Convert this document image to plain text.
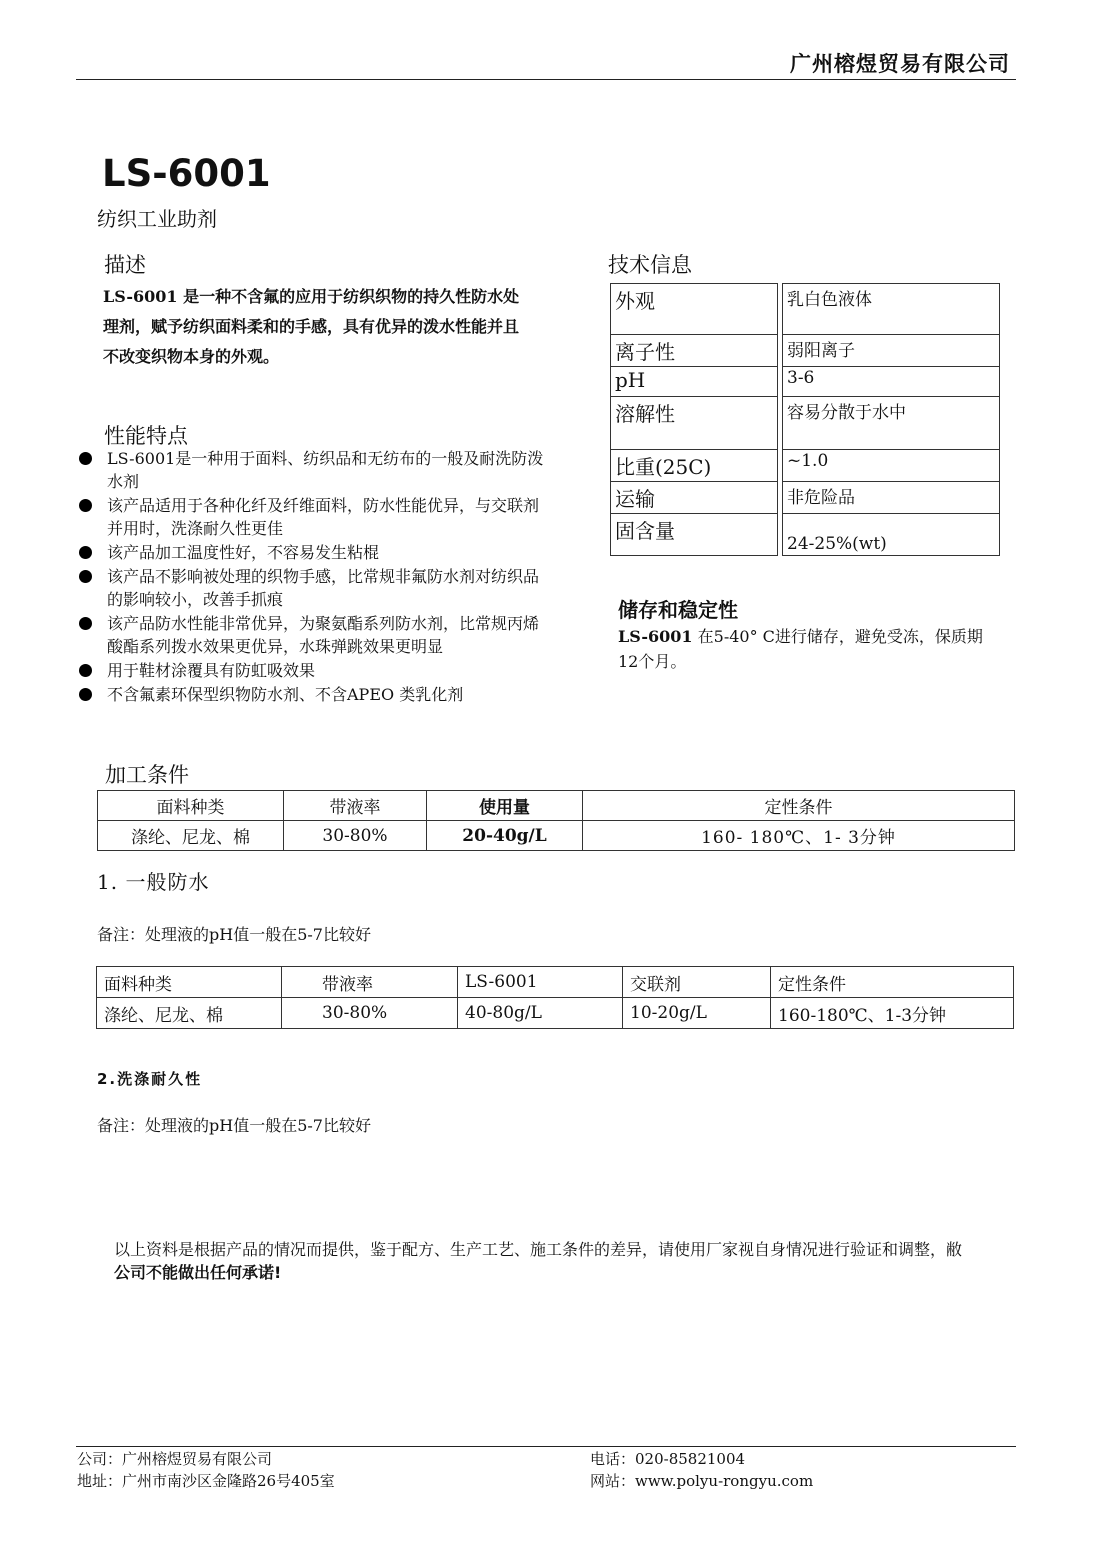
广州榕煜贸易有限公司
LS-6001
纺织工业助剂
描述
LS-6001 是一种不含氟的应用于纺织织物的持久性防水处理剂，赋予纺织面料柔和的手感，具有优异的泼水性能并且不改变织物本身的外观。
技术信息
外观		乳白色液体
离子性		弱阳离子
pH		3-6
溶解性		容易分散于水中
比重(25C)		~1.0
运输		非危险品
固含量		24-25%(wt)
性能特点
LS-6001是一种用于面料、纺织品和无纺布的一般及耐洗防泼水剂
该产品适用于各种化纤及纤维面料，防水性能优异，与交联剂并用时，洗涤耐久性更佳
该产品加工温度性好，不容易发生粘棍
该产品不影响被处理的织物手感，比常规非氟防水剂对纺织品的影响较小，改善手抓痕
该产品防水性能非常优异，为聚氨酯系列防水剂，比常规丙烯酸酯系列拨水效果更优异，水珠弹跳效果更明显
用于鞋材涂覆具有防虹吸效果
不含氟素环保型织物防水剂、不含APEO 类乳化剂
储存和稳定性
LS-6001 在5-40° C进行储存，避免受冻，保质期12个月。
加工条件
面料种类	带液率	使用量	定性条件
涤纶、尼龙、棉	30-80%	20-40g/L	160- 180℃、1- 3分钟
1. 一般防水
备注：处理液的pH值一般在5-7比较好
面料种类	带液率	LS-6001	交联剂	定性条件
涤纶、尼龙、棉	30-80%	40-80g/L	10-20g/L	160-180℃、1-3分钟
2.洗涤耐久性
备注：处理液的pH值一般在5-7比较好
以上资料是根据产品的情况而提供，鉴于配方、生产工艺、施工条件的差异，请使用厂家视自身情况进行验证和调整，敝
公司不能做出任何承诺!
公司：广州榕煜贸易有限公司
地址：广州市南沙区金隆路26号405室
电话：020-85821004
网站：www.polyu-rongyu.com
